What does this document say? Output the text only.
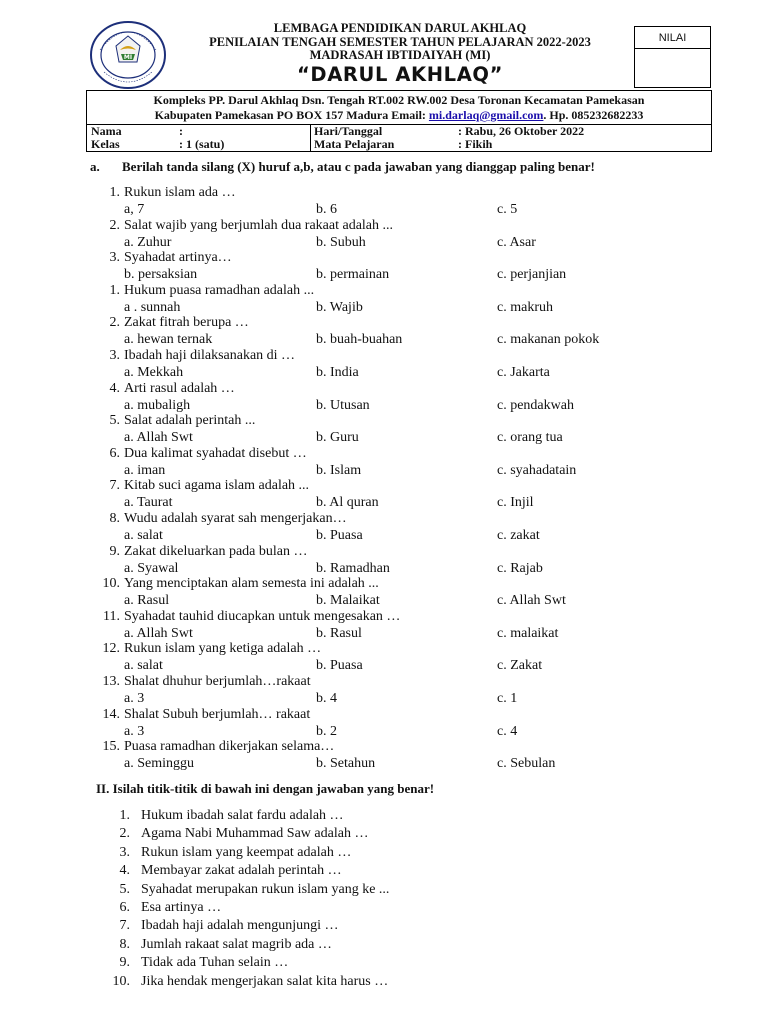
MI
LEMBAGA PENDIDIKAN DARUL AKHLAQ
PENILAIAN TENGAH SEMESTER TAHUN PELAJARAN 2022-2023
MADRASAH IBTIDAIYAH (MI)
“DARUL AKHLAQ”
NILAI
Kompleks PP. Darul Akhlaq Dsn. Tengah RT.002 RW.002 Desa Toronan Kecamatan Pamekasan
Kabupaten Pamekasan PO BOX 157 Madura Email: mi.darlaq@gmail.com. Hp. 085232682233
Nama	:
Kelas	: 1 (satu)
Hari/Tanggal	: Rabu, 26 Oktober 2022
Mata Pelajaran	: Fikih
a. Berilah tanda silang (X) huruf a,b, atau c pada jawaban yang dianggap paling benar!
1. Rukun islam ada …
a, 7	b. 6	c. 5
2. Salat wajib yang berjumlah dua rakaat adalah ...
a. Zuhur	b. Subuh	c. Asar
3. Syahadat artinya…
b. persaksian	b. permainan	c. perjanjian
1. Hukum puasa ramadhan adalah ...
a . sunnah	b. Wajib	c. makruh
2. Zakat fitrah berupa …
a. hewan ternak	b. buah-buahan	c. makanan pokok
3. Ibadah haji dilaksanakan di …
a. Mekkah	b. India	c. Jakarta
4. Arti rasul adalah …
a. mubaligh	b. Utusan	c. pendakwah
5. Salat adalah perintah ...
a. Allah Swt	b. Guru	c. orang tua
6. Dua kalimat syahadat disebut …
a. iman	b. Islam	c. syahadatain
7. Kitab suci agama islam adalah ...
a. Taurat	b. Al quran	c. Injil
8. Wudu adalah syarat sah mengerjakan…
a. salat	b. Puasa	c. zakat
9. Zakat dikeluarkan pada bulan …
a. Syawal	b. Ramadhan	c. Rajab
10. Yang menciptakan alam semesta ini adalah ...
a. Rasul	b. Malaikat	c. Allah Swt
11. Syahadat tauhid diucapkan untuk mengesakan …
a. Allah Swt	b. Rasul	c. malaikat
12. Rukun islam yang ketiga adalah …
a. salat	b. Puasa	c. Zakat
13. Shalat dhuhur berjumlah…rakaat
a. 3	b. 4	c. 1
14. Shalat Subuh berjumlah… rakaat
a. 3	b. 2	c. 4
15. Puasa ramadhan dikerjakan selama…
a. Seminggu	b. Setahun	c. Sebulan
II. Isilah titik-titik di bawah ini dengan jawaban yang benar!
1. Hukum ibadah salat fardu adalah …
2. Agama Nabi Muhammad Saw adalah …
3. Rukun islam yang keempat adalah …
4. Membayar zakat adalah perintah …
5. Syahadat merupakan rukun islam yang ke ...
6. Esa artinya …
7. Ibadah haji adalah mengunjungi …
8. Jumlah rakaat salat magrib ada …
9. Tidak ada Tuhan selain …
10. Jika hendak mengerjakan salat kita harus …
